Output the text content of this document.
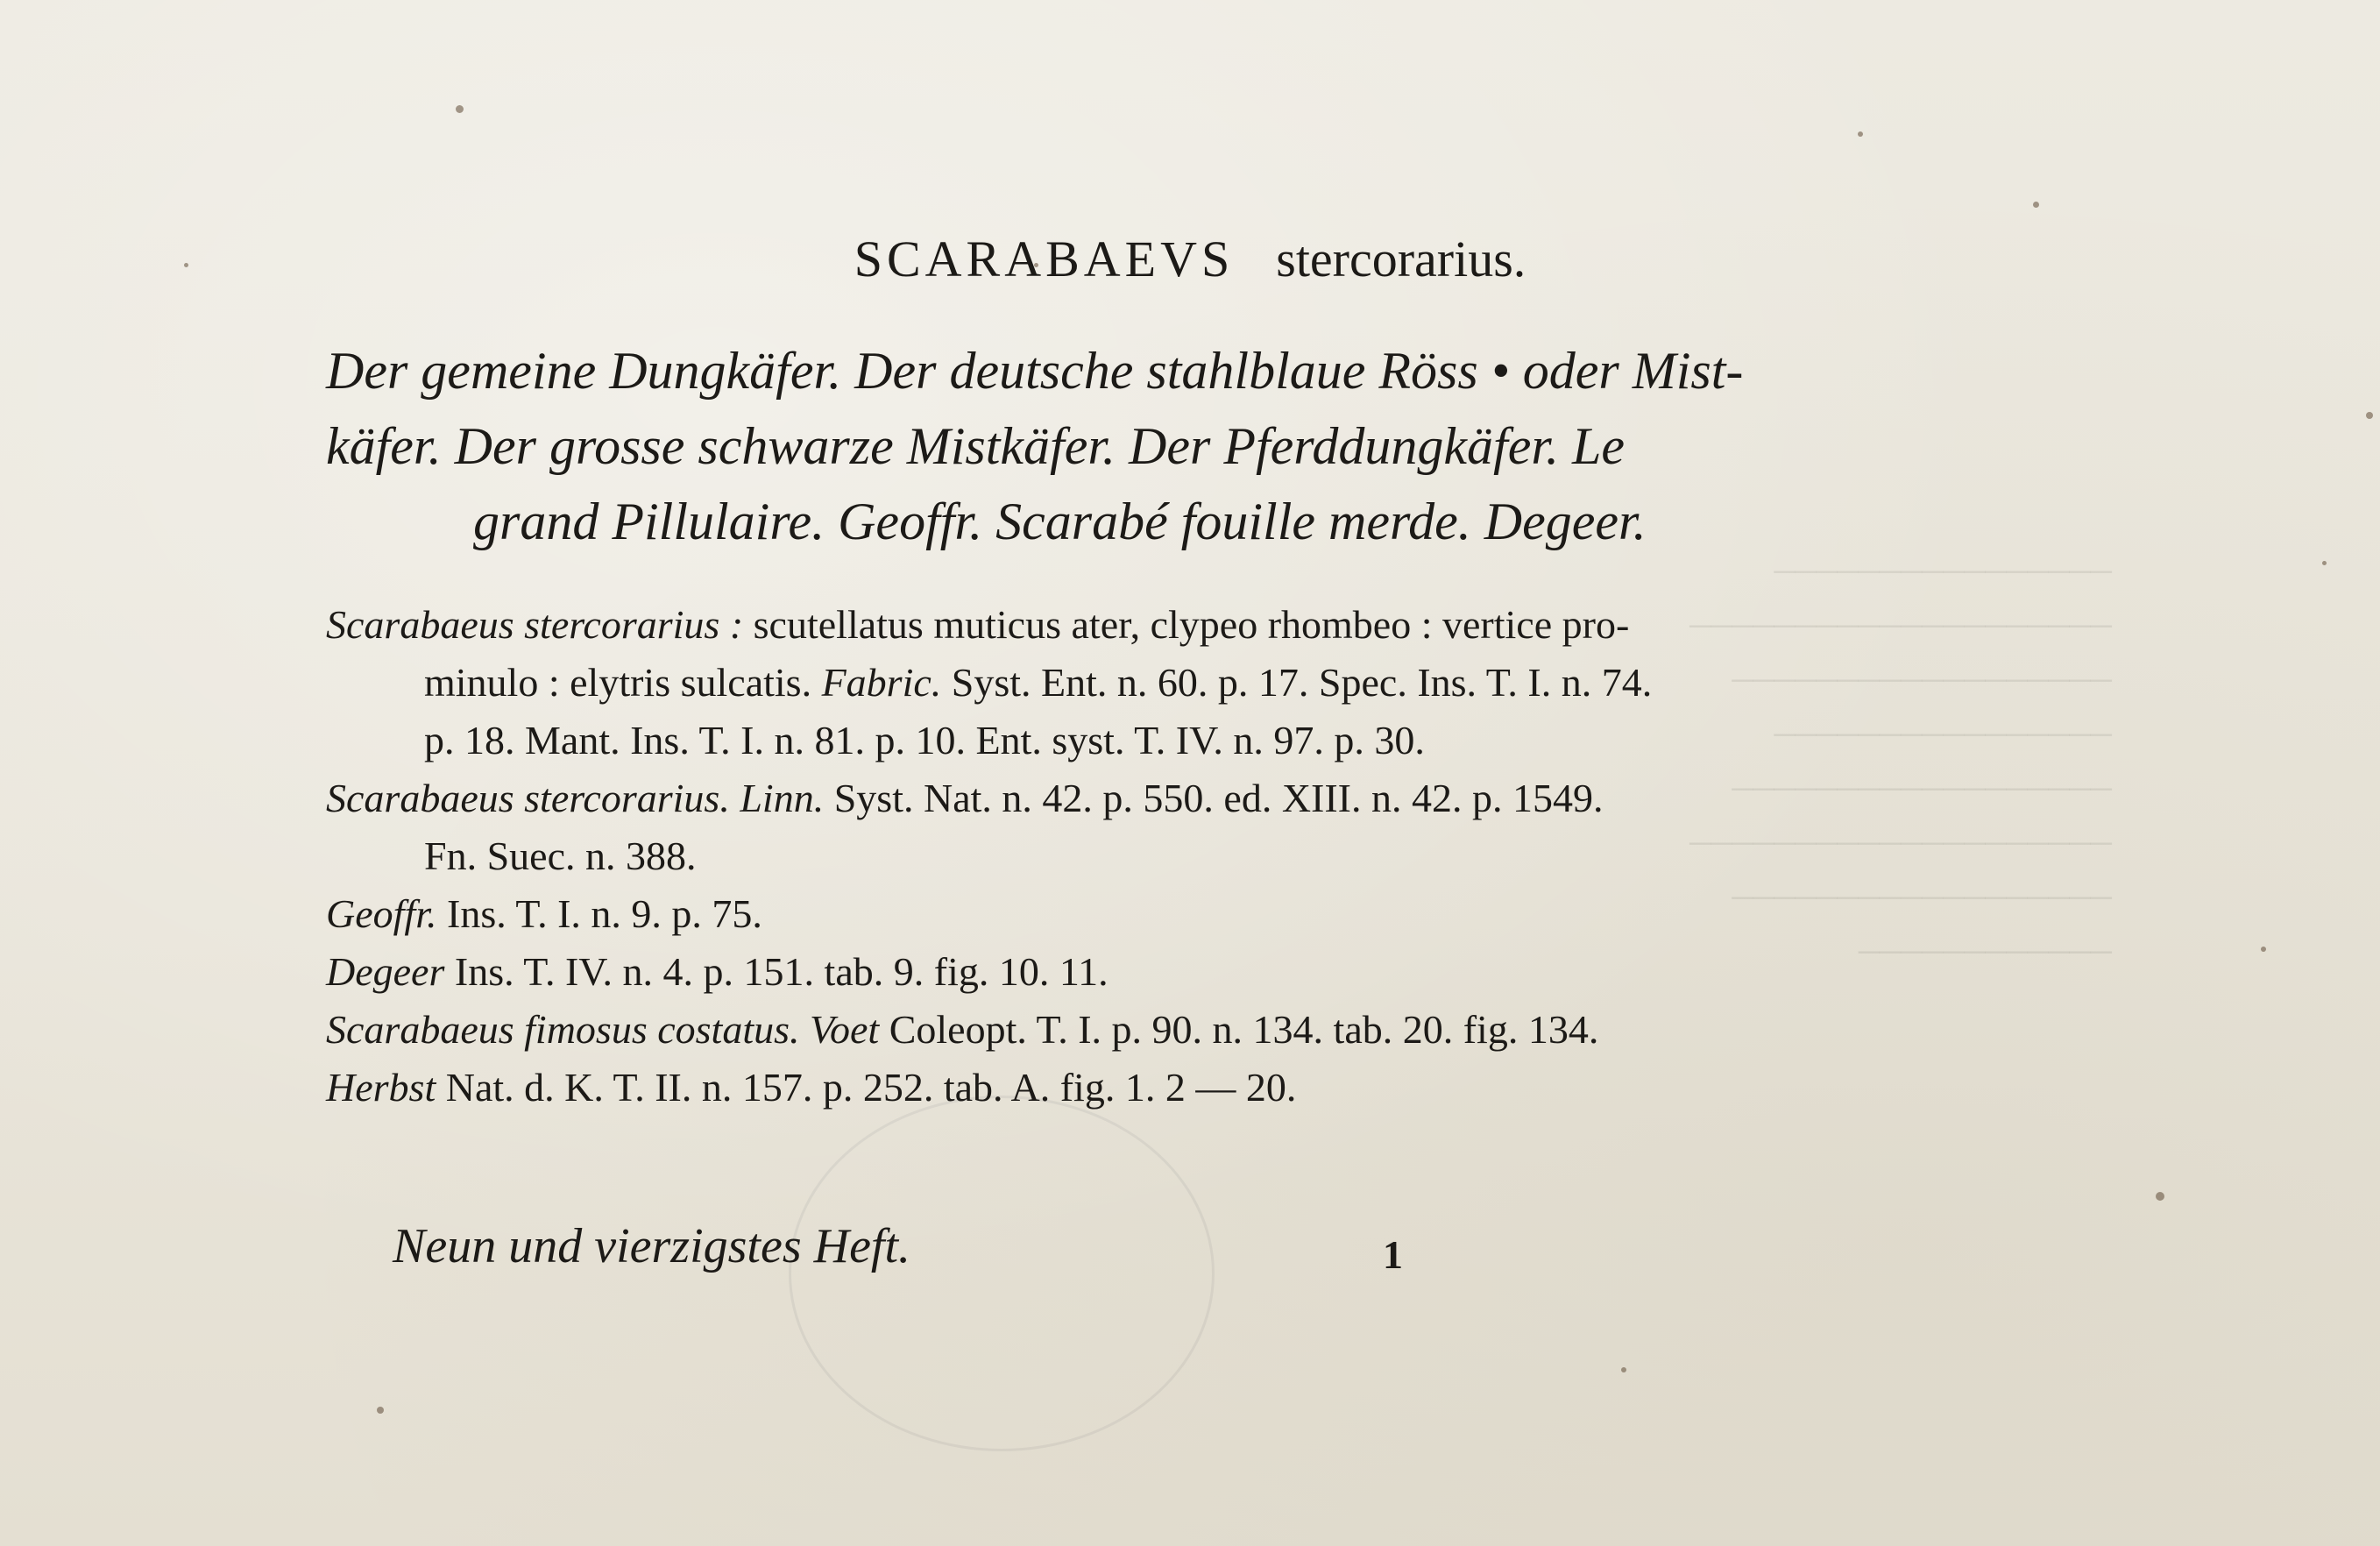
────────────────
────────────────────
──────────────────
────────────────
──────────────────
────────────────────
──────────────────
────────────

SCARABAEVS stercorarius.
Der gemeine Dungkäfer. Der deutsche stahlblaue Röss • oder Mist-
käfer. Der grosse schwarze Mistkäfer. Der Pferddungkäfer. Le
grand Pillulaire. Geoffr. Scarabé fouille merde. Degeer.
Scarabaeus stercorarius : scutellatus muticus ater, clypeo rhombeo : vertice pro-
minulo : elytris sulcatis. Fabric. Syst. Ent. n. 60. p. 17. Spec. Ins. T. I. n. 74.
p. 18. Mant. Ins. T. I. n. 81. p. 10. Ent. syst. T. IV. n. 97. p. 30.
Scarabaeus stercorarius. Linn. Syst. Nat. n. 42. p. 550. ed. XIII. n. 42. p. 1549.
Fn. Suec. n. 388.
Geoffr. Ins. T. I. n. 9. p. 75.
Degeer Ins. T. IV. n. 4. p. 151. tab. 9. fig. 10. 11.
Scarabaeus fimosus costatus. Voet Coleopt. T. I. p. 90. n. 134. tab. 20. fig. 134.
Herbst Nat. d. K. T. II. n. 157. p. 252. tab. A. fig. 1. 2 — 20.
Neun und vierzigstes Heft.	1
